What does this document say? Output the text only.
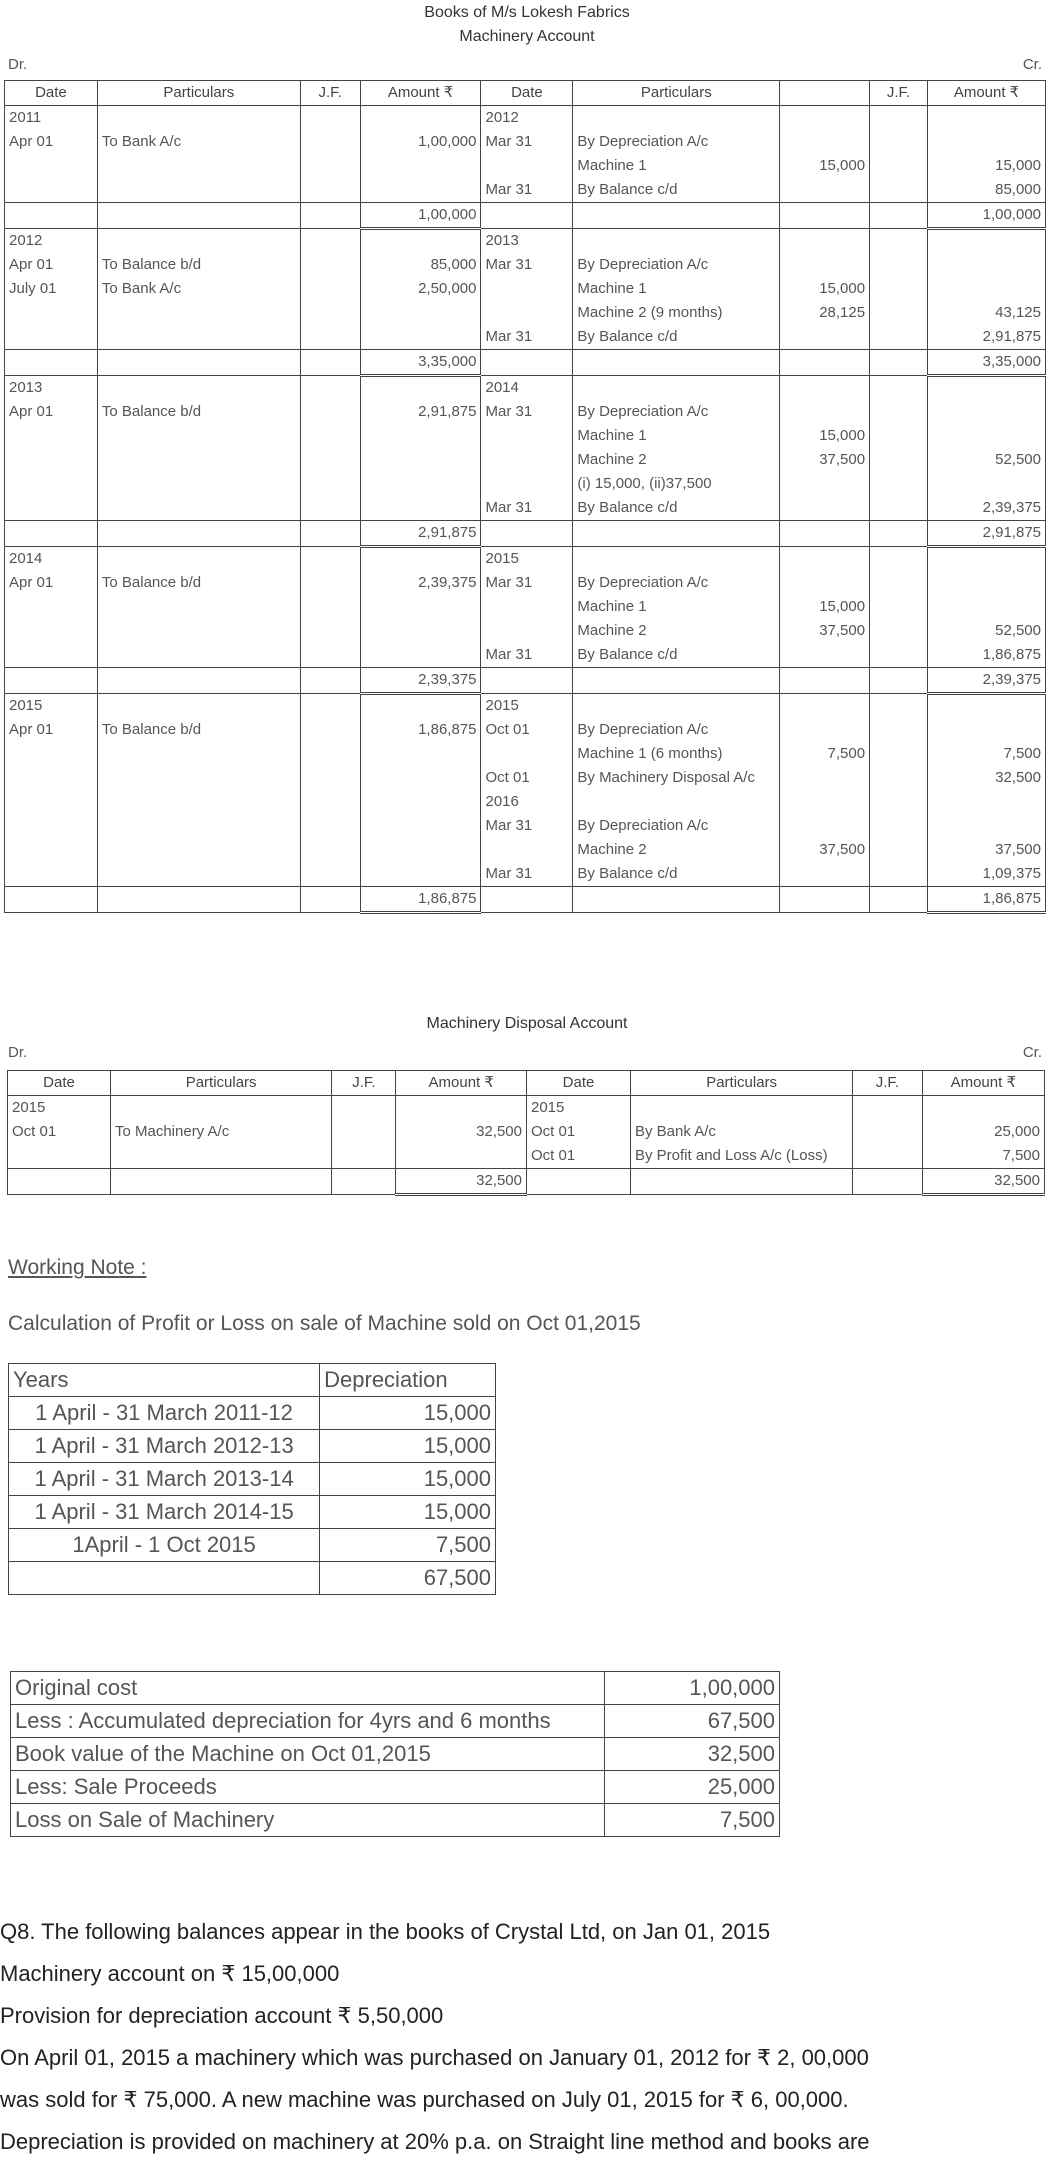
Books of M/s Lokesh Fabrics
Machinery Account
Dr.	Cr.
Date	Particulars	J.F.	Amount ₹	Date	Particulars		J.F.	Amount ₹
2011				2012				
Apr 01	To Bank A/c		1,00,000	Mar 31	By Depreciation A/c			
					Machine 1	15,000		15,000
				Mar 31	By Balance c/d			85,000
			1,00,000					1,00,000
2012				2013				
Apr 01	To Balance b/d		85,000	Mar 31	By Depreciation A/c			
July 01	To Bank A/c		2,50,000		Machine 1	15,000		
					Machine 2 (9 months)	28,125		43,125
				Mar 31	By Balance c/d			2,91,875
			3,35,000					3,35,000
2013				2014				
Apr 01	To Balance b/d		2,91,875	Mar 31	By Depreciation A/c			
					Machine 1	15,000		
					Machine 2	37,500		52,500
					(i) 15,000, (ii)37,500			
				Mar 31	By Balance c/d			2,39,375
			2,91,875					2,91,875
2014				2015				
Apr 01	To Balance b/d		2,39,375	Mar 31	By Depreciation A/c			
					Machine 1	15,000		
					Machine 2	37,500		52,500
				Mar 31	By Balance c/d			1,86,875
			2,39,375					2,39,375
2015				2015				
Apr 01	To Balance b/d		1,86,875	Oct 01	By Depreciation A/c			
					Machine 1 (6 months)	7,500		7,500
				Oct 01	By Machinery Disposal A/c			32,500
				2016				
				Mar 31	By Depreciation A/c			
					Machine 2	37,500		37,500
				Mar 31	By Balance c/d			1,09,375
			1,86,875					1,86,875
Machinery Disposal Account
Dr.	Cr.
Date	Particulars	J.F.	Amount ₹	Date	Particulars	J.F.	Amount ₹
2015				2015			
Oct 01	To Machinery A/c		32,500	Oct 01	By Bank A/c		25,000
				Oct 01	By Profit and Loss A/c (Loss)		7,500
			32,500				32,500
Working Note :
Calculation of Profit or Loss on sale of Machine sold on Oct 01,2015
Years	Depreciation
1 April - 31 March 2011-12	15,000
1 April - 31 March 2012-13	15,000
1 April - 31 March 2013-14	15,000
1 April - 31 March 2014-15	15,000
1April - 1 Oct 2015	7,500
	67,500
Original cost	1,00,000
Less : Accumulated depreciation for 4yrs and 6 months	67,500
Book value of the Machine on Oct 01,2015	32,500
Less: Sale Proceeds	25,000
Loss on Sale of Machinery	7,500
Q8. The following balances appear in the books of Crystal Ltd, on Jan 01, 2015
Machinery account on ₹ 15,00,000
Provision for depreciation account ₹ 5,50,000
On April 01, 2015 a machinery which was purchased on January 01, 2012 for ₹ 2, 00,000
was sold for ₹ 75,000. A new machine was purchased on July 01, 2015 for ₹ 6, 00,000.
Depreciation is provided on machinery at 20% p.a. on Straight line method and books are
